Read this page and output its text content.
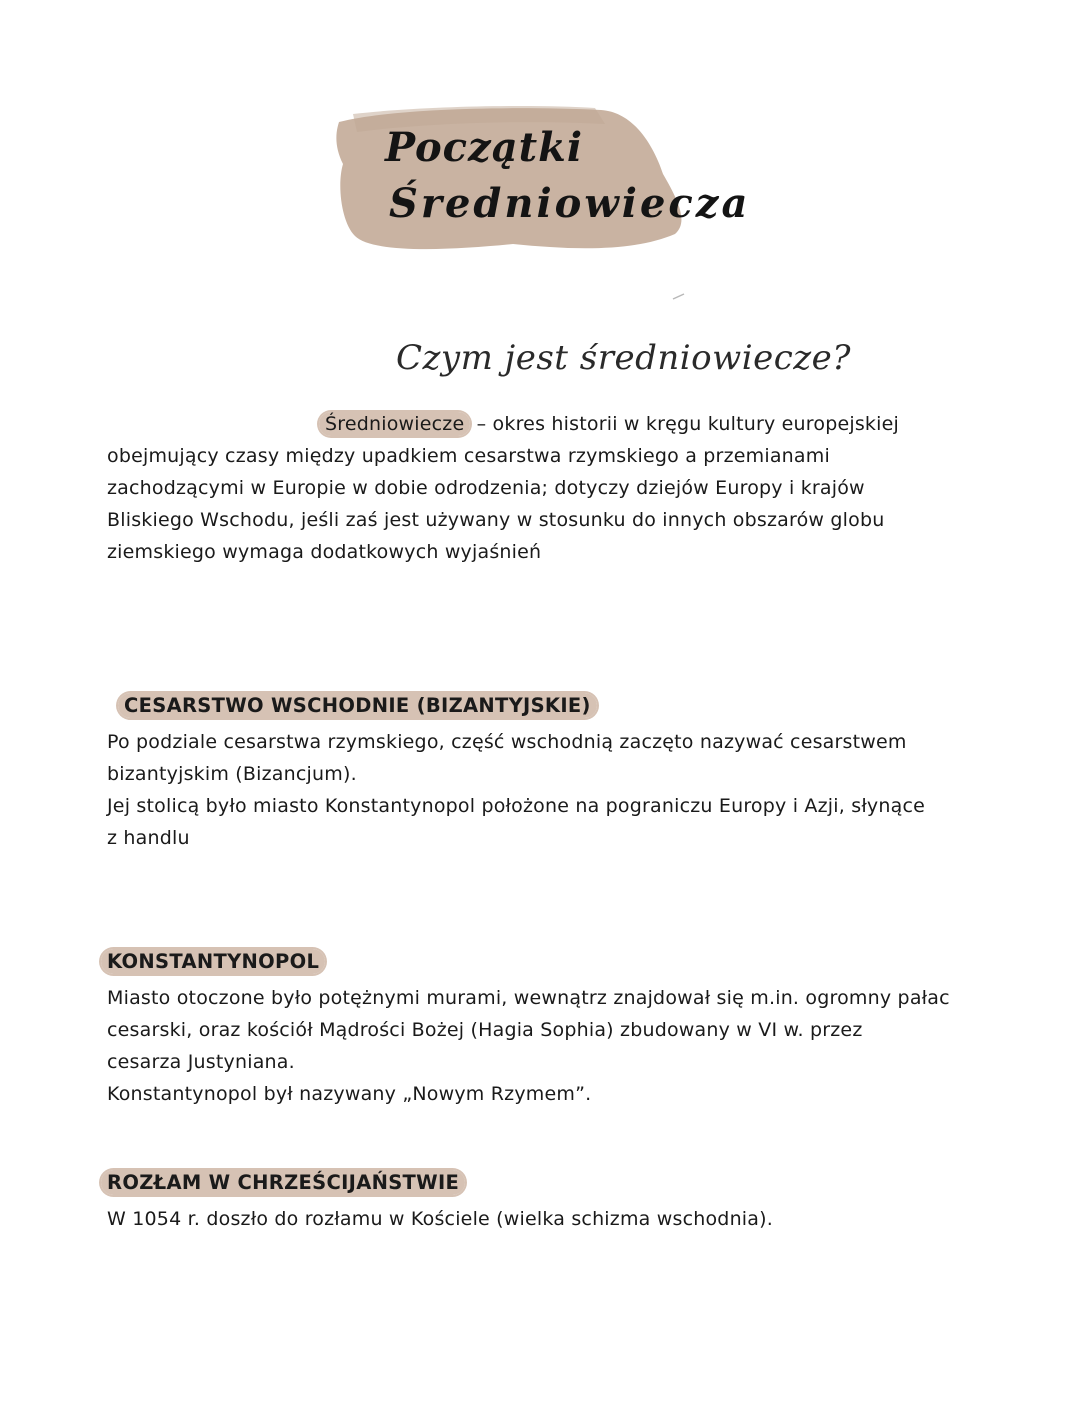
Początki
Średniowiecza
Czym jest średniowiecze?

Średniowiecze – okres historii w kręgu kultury europejskiej

obejmujący czasy między upadkiem cesarstwa rzymskiego a przemianami

zachodzącymi w Europie w dobie odrodzenia; dotyczy dziejów Europy i krajów

Bliskiego Wschodu, jeśli zaś jest używany w stosunku do innych obszarów globu

ziemskiego wymaga dodatkowych wyjaśnień

CESARSTWO WSCHODNIE (BIZANTYJSKIE)

Po podziale cesarstwa rzymskiego, część wschodnią zaczęto nazywać cesarstwem

bizantyjskim (Bizancjum).

Jej stolicą było miasto Konstantynopol położone na pograniczu Europy i Azji, słynące

z handlu

KONSTANTYNOPOL

Miasto otoczone było potężnymi murami, wewnątrz znajdował się m.in. ogromny pałac

cesarski, oraz kościół Mądrości Bożej (Hagia Sophia) zbudowany w VI w. przez

cesarza Justyniana.

Konstantynopol był nazywany „Nowym Rzymem”.

ROZŁAM W CHRZEŚCIJAŃSTWIE

W 1054 r. doszło do rozłamu w Kościele (wielka schizma wschodnia).
